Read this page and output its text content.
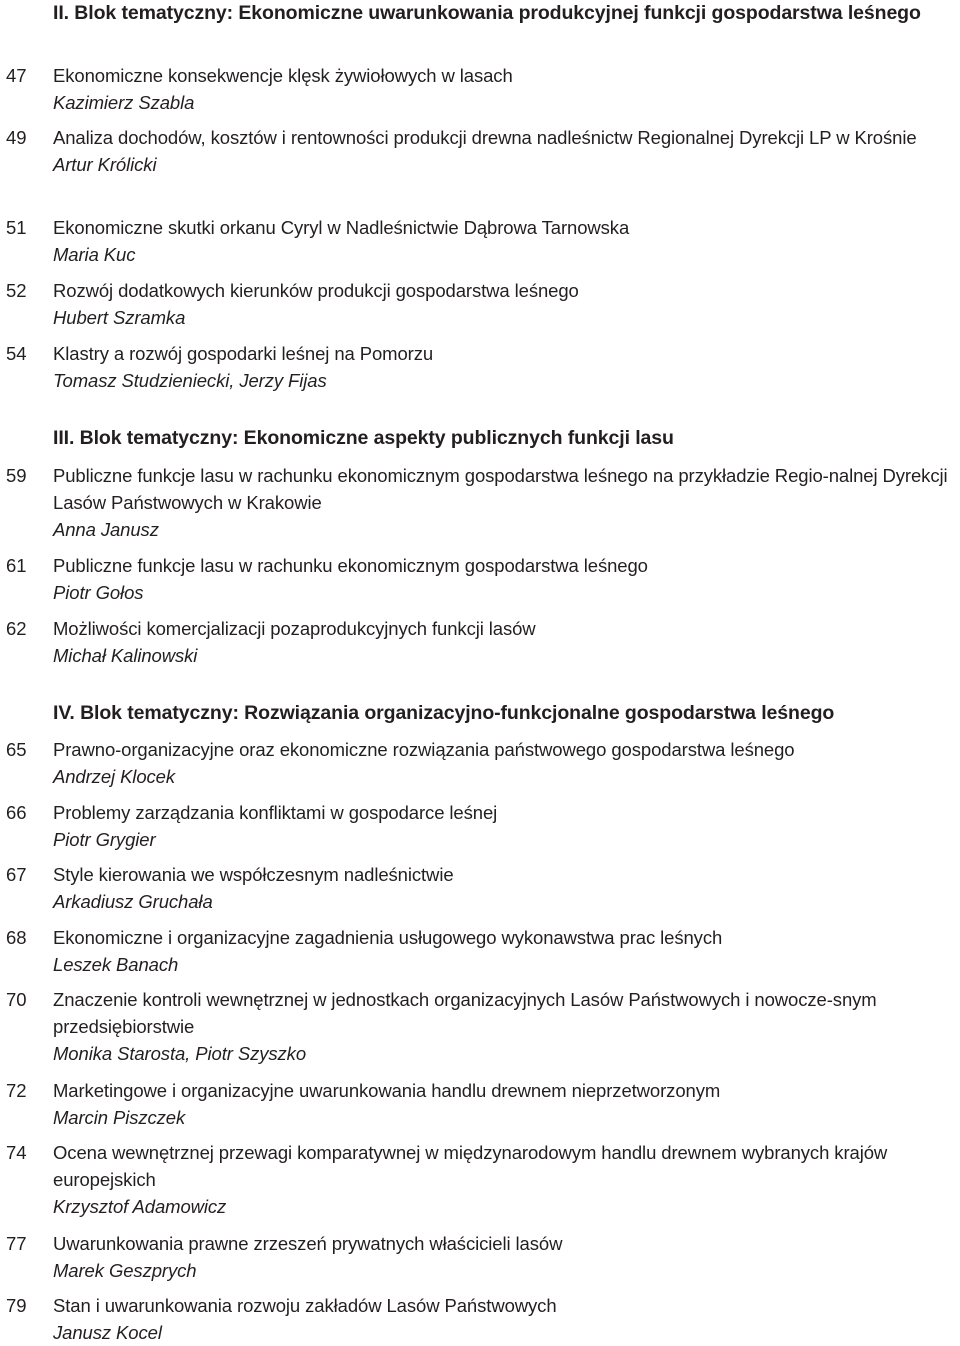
II. Blok tematyczny: Ekonomiczne uwarunkowania produkcyjnej funkcji gospodarstwa leśnego
47	Ekonomiczne konsekwencje klęsk żywiołowych w lasach
Kazimierz Szabla
49	Analiza dochodów, kosztów i rentowności produkcji drewna nadleśnictw Regionalnej Dyrekcji LP w Krośnie
Artur Królicki
51	Ekonomiczne skutki orkanu Cyryl w Nadleśnictwie Dąbrowa Tarnowska
Maria Kuc
52	Rozwój dodatkowych kierunków produkcji gospodarstwa leśnego
Hubert Szramka
54	Klastry a rozwój gospodarki leśnej na Pomorzu
Tomasz Studzieniecki, Jerzy Fijas
III. Blok tematyczny: Ekonomiczne aspekty publicznych funkcji lasu
59	Publiczne funkcje lasu w rachunku ekonomicznym gospodarstwa leśnego na przykładzie Regio-nalnej Dyrekcji Lasów Państwowych w Krakowie
Anna Janusz
61	Publiczne funkcje lasu w rachunku ekonomicznym gospodarstwa leśnego
Piotr Gołos
62	Możliwości komercjalizacji pozaprodukcyjnych funkcji lasów
Michał Kalinowski
IV. Blok tematyczny: Rozwiązania organizacyjno-funkcjonalne gospodarstwa leśnego
65	Prawno-organizacyjne oraz ekonomiczne rozwiązania państwowego gospodarstwa leśnego
Andrzej Klocek
66	Problemy zarządzania konfliktami w gospodarce leśnej
Piotr Grygier
67	Style kierowania we współczesnym nadleśnictwie
Arkadiusz Gruchała
68	Ekonomiczne i organizacyjne zagadnienia usługowego wykonawstwa prac leśnych
Leszek Banach
70	Znaczenie kontroli wewnętrznej w jednostkach organizacyjnych Lasów Państwowych i nowocze-snym przedsiębiorstwie
Monika Starosta, Piotr Szyszko
72	Marketingowe i organizacyjne uwarunkowania handlu drewnem nieprzetworzonym
Marcin Piszczek
74	Ocena wewnętrznej przewagi komparatywnej w międzynarodowym handlu drewnem wybranych krajów europejskich
Krzysztof Adamowicz
77	Uwarunkowania prawne zrzeszeń prywatnych właścicieli lasów
Marek Geszprych
79	Stan i uwarunkowania rozwoju zakładów Lasów Państwowych
Janusz Kocel
